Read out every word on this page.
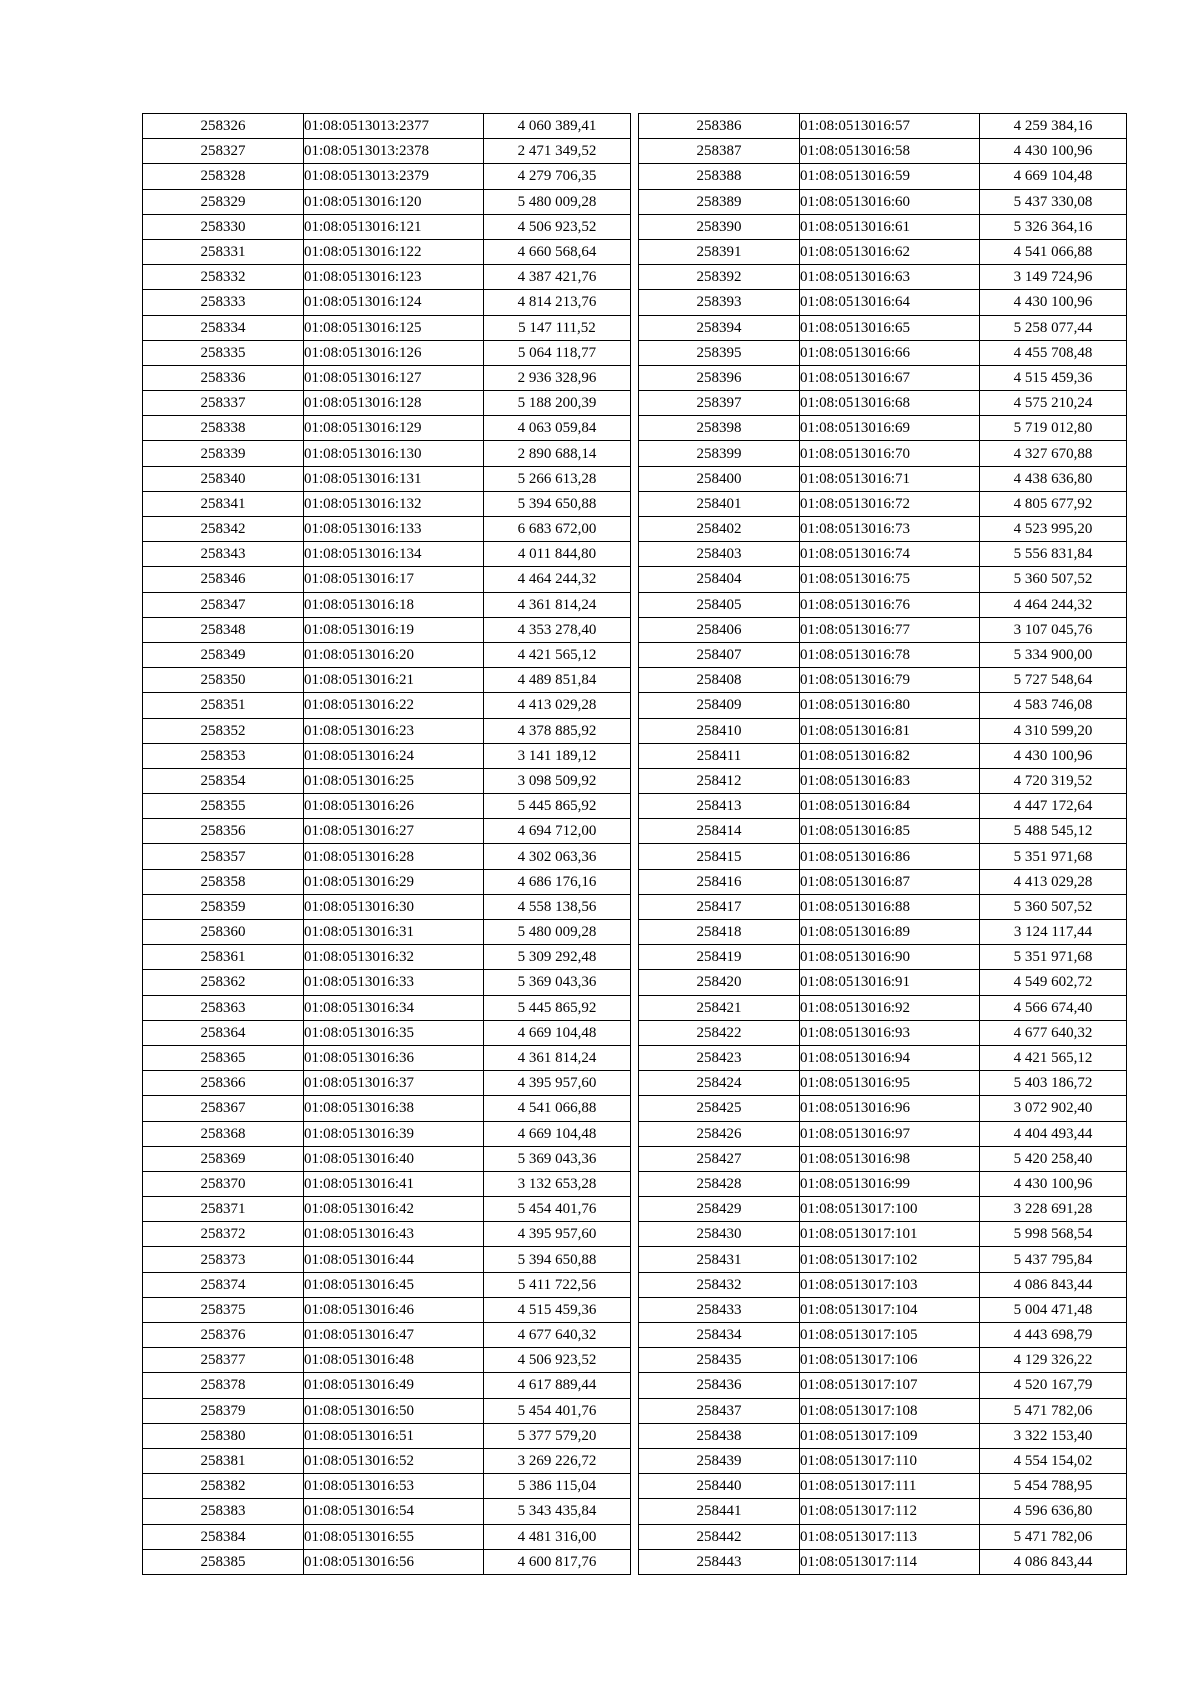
258326	01:08:0513013:2377	4 060 389,41
258327	01:08:0513013:2378	2 471 349,52
258328	01:08:0513013:2379	4 279 706,35
258329	01:08:0513016:120	5 480 009,28
258330	01:08:0513016:121	4 506 923,52
258331	01:08:0513016:122	4 660 568,64
258332	01:08:0513016:123	4 387 421,76
258333	01:08:0513016:124	4 814 213,76
258334	01:08:0513016:125	5 147 111,52
258335	01:08:0513016:126	5 064 118,77
258336	01:08:0513016:127	2 936 328,96
258337	01:08:0513016:128	5 188 200,39
258338	01:08:0513016:129	4 063 059,84
258339	01:08:0513016:130	2 890 688,14
258340	01:08:0513016:131	5 266 613,28
258341	01:08:0513016:132	5 394 650,88
258342	01:08:0513016:133	6 683 672,00
258343	01:08:0513016:134	4 011 844,80
258346	01:08:0513016:17	4 464 244,32
258347	01:08:0513016:18	4 361 814,24
258348	01:08:0513016:19	4 353 278,40
258349	01:08:0513016:20	4 421 565,12
258350	01:08:0513016:21	4 489 851,84
258351	01:08:0513016:22	4 413 029,28
258352	01:08:0513016:23	4 378 885,92
258353	01:08:0513016:24	3 141 189,12
258354	01:08:0513016:25	3 098 509,92
258355	01:08:0513016:26	5 445 865,92
258356	01:08:0513016:27	4 694 712,00
258357	01:08:0513016:28	4 302 063,36
258358	01:08:0513016:29	4 686 176,16
258359	01:08:0513016:30	4 558 138,56
258360	01:08:0513016:31	5 480 009,28
258361	01:08:0513016:32	5 309 292,48
258362	01:08:0513016:33	5 369 043,36
258363	01:08:0513016:34	5 445 865,92
258364	01:08:0513016:35	4 669 104,48
258365	01:08:0513016:36	4 361 814,24
258366	01:08:0513016:37	4 395 957,60
258367	01:08:0513016:38	4 541 066,88
258368	01:08:0513016:39	4 669 104,48
258369	01:08:0513016:40	5 369 043,36
258370	01:08:0513016:41	3 132 653,28
258371	01:08:0513016:42	5 454 401,76
258372	01:08:0513016:43	4 395 957,60
258373	01:08:0513016:44	5 394 650,88
258374	01:08:0513016:45	5 411 722,56
258375	01:08:0513016:46	4 515 459,36
258376	01:08:0513016:47	4 677 640,32
258377	01:08:0513016:48	4 506 923,52
258378	01:08:0513016:49	4 617 889,44
258379	01:08:0513016:50	5 454 401,76
258380	01:08:0513016:51	5 377 579,20
258381	01:08:0513016:52	3 269 226,72
258382	01:08:0513016:53	5 386 115,04
258383	01:08:0513016:54	5 343 435,84
258384	01:08:0513016:55	4 481 316,00
258385	01:08:0513016:56	4 600 817,76
258386	01:08:0513016:57	4 259 384,16
258387	01:08:0513016:58	4 430 100,96
258388	01:08:0513016:59	4 669 104,48
258389	01:08:0513016:60	5 437 330,08
258390	01:08:0513016:61	5 326 364,16
258391	01:08:0513016:62	4 541 066,88
258392	01:08:0513016:63	3 149 724,96
258393	01:08:0513016:64	4 430 100,96
258394	01:08:0513016:65	5 258 077,44
258395	01:08:0513016:66	4 455 708,48
258396	01:08:0513016:67	4 515 459,36
258397	01:08:0513016:68	4 575 210,24
258398	01:08:0513016:69	5 719 012,80
258399	01:08:0513016:70	4 327 670,88
258400	01:08:0513016:71	4 438 636,80
258401	01:08:0513016:72	4 805 677,92
258402	01:08:0513016:73	4 523 995,20
258403	01:08:0513016:74	5 556 831,84
258404	01:08:0513016:75	5 360 507,52
258405	01:08:0513016:76	4 464 244,32
258406	01:08:0513016:77	3 107 045,76
258407	01:08:0513016:78	5 334 900,00
258408	01:08:0513016:79	5 727 548,64
258409	01:08:0513016:80	4 583 746,08
258410	01:08:0513016:81	4 310 599,20
258411	01:08:0513016:82	4 430 100,96
258412	01:08:0513016:83	4 720 319,52
258413	01:08:0513016:84	4 447 172,64
258414	01:08:0513016:85	5 488 545,12
258415	01:08:0513016:86	5 351 971,68
258416	01:08:0513016:87	4 413 029,28
258417	01:08:0513016:88	5 360 507,52
258418	01:08:0513016:89	3 124 117,44
258419	01:08:0513016:90	5 351 971,68
258420	01:08:0513016:91	4 549 602,72
258421	01:08:0513016:92	4 566 674,40
258422	01:08:0513016:93	4 677 640,32
258423	01:08:0513016:94	4 421 565,12
258424	01:08:0513016:95	5 403 186,72
258425	01:08:0513016:96	3 072 902,40
258426	01:08:0513016:97	4 404 493,44
258427	01:08:0513016:98	5 420 258,40
258428	01:08:0513016:99	4 430 100,96
258429	01:08:0513017:100	3 228 691,28
258430	01:08:0513017:101	5 998 568,54
258431	01:08:0513017:102	5 437 795,84
258432	01:08:0513017:103	4 086 843,44
258433	01:08:0513017:104	5 004 471,48
258434	01:08:0513017:105	4 443 698,79
258435	01:08:0513017:106	4 129 326,22
258436	01:08:0513017:107	4 520 167,79
258437	01:08:0513017:108	5 471 782,06
258438	01:08:0513017:109	3 322 153,40
258439	01:08:0513017:110	4 554 154,02
258440	01:08:0513017:111	5 454 788,95
258441	01:08:0513017:112	4 596 636,80
258442	01:08:0513017:113	5 471 782,06
258443	01:08:0513017:114	4 086 843,44
